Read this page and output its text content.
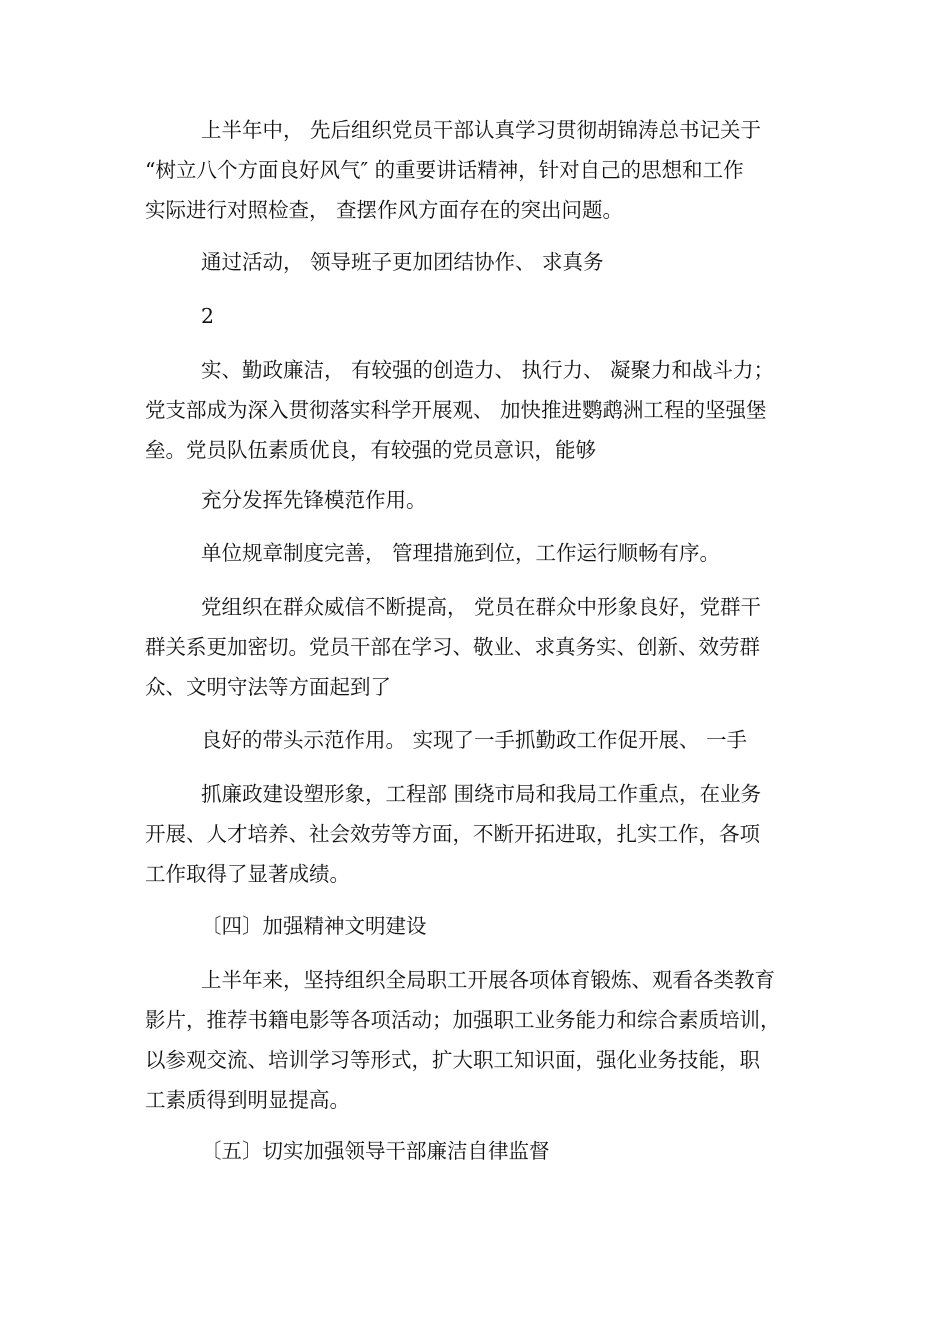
上半年中， 先后组织党员干部认真学习贯彻胡锦涛总书记关于
“树立八个方面良好风气″ 的重要讲话精神，针对自己的思想和工作
实际进行对照检查， 查摆作风方面存在的突出问题。
通过活动， 领导班子更加团结协作、 求真务
2
实、勤政廉洁， 有较强的创造力、 执行力、 凝聚力和战斗力；
党支部成为深入贯彻落实科学开展观、 加快推进鹦鹉洲工程的坚强堡
垒。党员队伍素质优良，有较强的党员意识，能够
充分发挥先锋模范作用。
单位规章制度完善， 管理措施到位，工作运行顺畅有序。
党组织在群众威信不断提高， 党员在群众中形象良好，党群干
群关系更加密切。党员干部在学习、敬业、求真务实、创新、效劳群
众、文明守法等方面起到了
良好的带头示范作用。 实现了一手抓勤政工作促开展、 一手
抓廉政建设塑形象，工程部 围绕市局和我局工作重点，在业务
开展、人才培养、社会效劳等方面，不断开拓进取，扎实工作，各项
工作取得了显著成绩。
〔四〕加强精神文明建设
上半年来，坚持组织全局职工开展各项体育锻炼、观看各类教育
影片，推荐书籍电影等各项活动；加强职工业务能力和综合素质培训，
以参观交流、培训学习等形式，扩大职工知识面，强化业务技能，职
工素质得到明显提高。
〔五〕切实加强领导干部廉洁自律监督
